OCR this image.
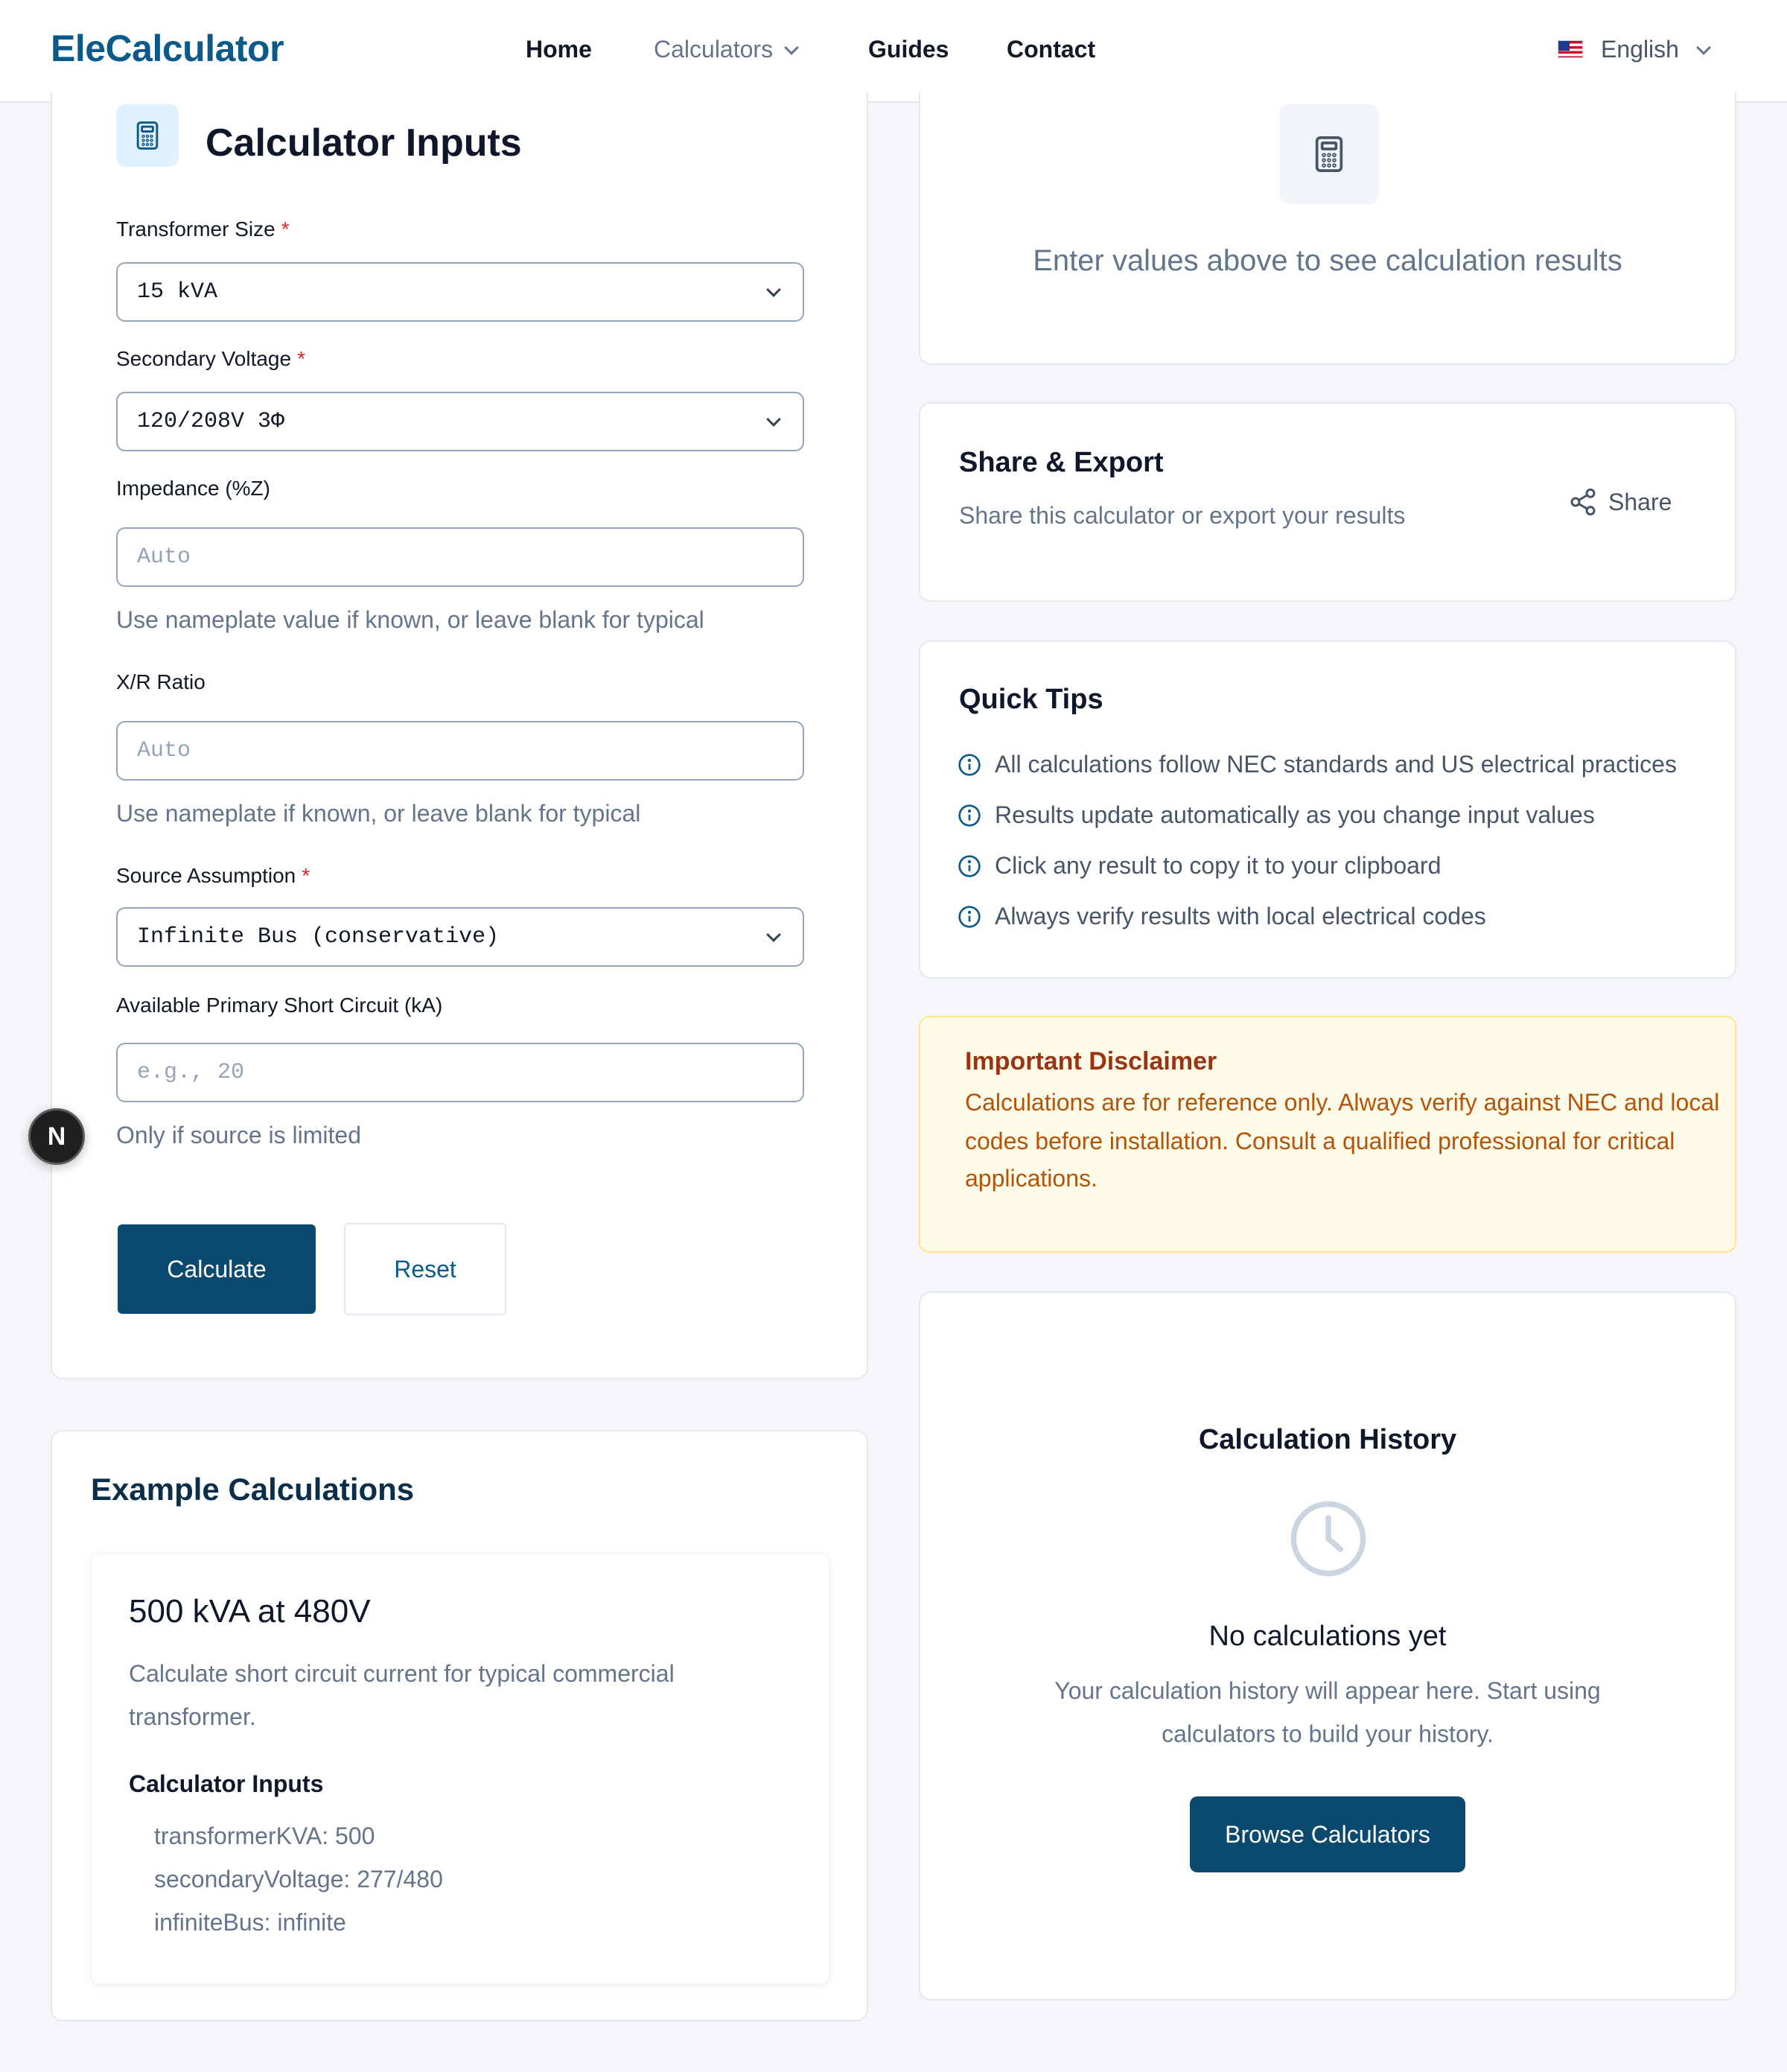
EleCalculator	Home	Calculators	Guides Contact	English
Calculator Inputs
Transformer Size *
15 kVA
Secondary Voltage *
120/208V 3Φ
Impedance (%Z)
Auto
Use nameplate value if known, or leave blank for typical
X/R Ratio
Auto
Use nameplate if known, or leave blank for typical
Source Assumption *
Infinite Bus (conservative)
Available Primary Short Circuit (kA)
e.g., 20
Only if source is limited
Calculate	Reset
N
Example Calculations
500 kVA at 480V
Calculate short circuit current for typical commercial
transformer.
Calculator Inputs
transformerKVA: 500
secondaryVoltage: 277/480
infiniteBus: infinite
Enter values above to see calculation results
Share & Export
Share this calculator or export your results
Share
Quick Tips
All calculations follow NEC standards and US electrical practices
Results update automatically as you change input values
Click any result to copy it to your clipboard
Always verify results with local electrical codes
Important Disclaimer
Calculations are for reference only. Always verify against NEC and local
codes before installation. Consult a qualified professional for critical
applications.
Calculation History
No calculations yet
Your calculation history will appear here. Start using
calculators to build your history.
Browse Calculators
